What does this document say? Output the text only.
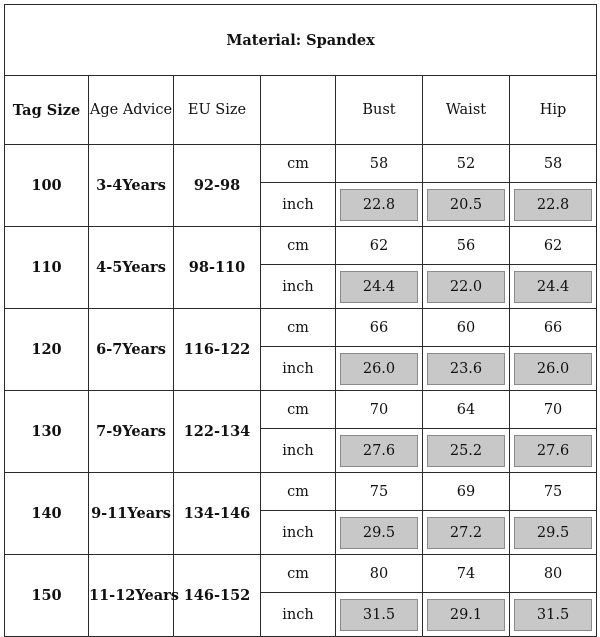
Material: Spandex						
Tag Size	Age Advice	EU Size		Bust	Waist	Hip
100	3-4Years	92-98	cm	58	52	58

			inch	22.8	20.5	22.8

110	4-5Years	98-110	cm	62	56	62

			inch	24.4	22.0	24.4

120	6-7Years	116-122	cm	66	60	66

			inch	26.0	23.6	26.0

130	7-9Years	122-134	cm	70	64	70

			inch	27.6	25.2	27.6

140	9-11Years	134-146	cm	75	69	75

			inch	29.5	27.2	29.5

150	11-12Years	146-152	cm	80	74	80

			inch	31.5	29.1	31.5
